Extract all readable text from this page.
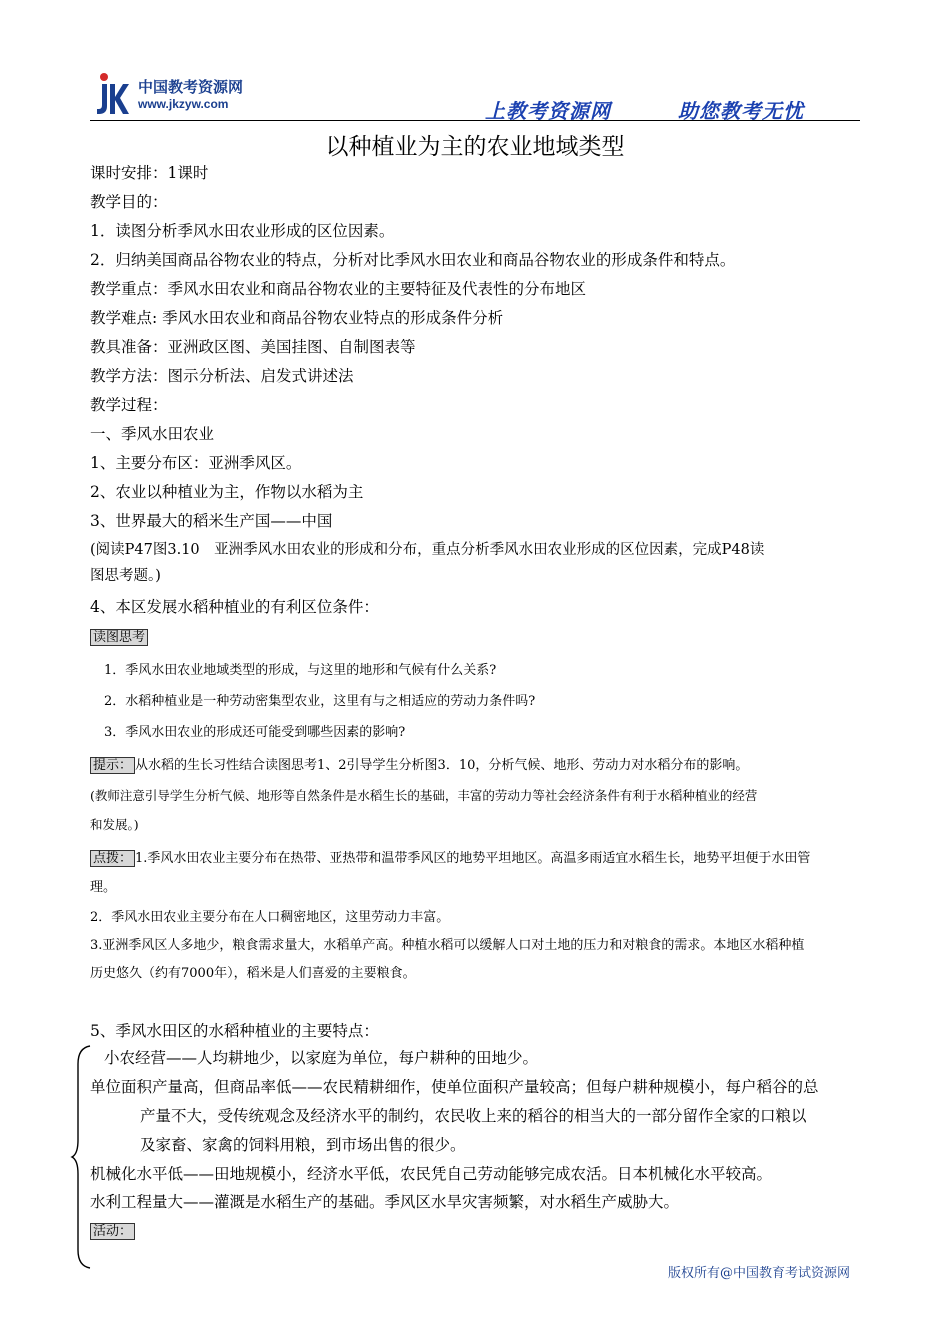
中国教考资源网
www.jkzyw.com	上教考资源网	助您教考无忧
以种植业为主的农业地域类型
课时安排：1课时
教学目的：
1．读图分析季风水田农业形成的区位因素。
2．归纳美国商品谷物农业的特点，分析对比季风水田农业和商品谷物农业的形成条件和特点。
教学重点：季风水田农业和商品谷物农业的主要特征及代表性的分布地区
教学难点: 季风水田农业和商品谷物农业特点的形成条件分析
教具准备：亚洲政区图、美国挂图、自制图表等
教学方法：图示分析法、启发式讲述法
教学过程：
一、季风水田农业
1、主要分布区：亚洲季风区。
2、农业以种植业为主，作物以水稻为主
3、世界最大的稻米生产国——中国
(阅读P47图3.10　亚洲季风水田农业的形成和分布，重点分析季风水田农业形成的区位因素，完成P48读
图思考题。)
4、本区发展水稻种植业的有利区位条件：
读图思考
1．季风水田农业地域类型的形成，与这里的地形和气候有什么关系?
2．水稻种植业是一种劳动密集型农业，这里有与之相适应的劳动力条件吗?
3．季风水田农业的形成还可能受到哪些因素的影响?
提示： 从水稻的生长习性结合读图思考1、2引导学生分析图3．10，分析气候、地形、劳动力对水稻分布的影响。
(教师注意引导学生分析气候、地形等自然条件是水稻生长的基础，丰富的劳动力等社会经济条件有利于水稻种植业的经营
和发展。)
点拨： 1.季风水田农业主要分布在热带、亚热带和温带季风区的地势平坦地区。高温多雨适宜水稻生长，地势平坦便于水田管
理。
2．季风水田农业主要分布在人口稠密地区，这里劳动力丰富。
3.亚洲季风区人多地少，粮食需求量大，水稻单产高。种植水稻可以缓解人口对土地的压力和对粮食的需求。本地区水稻种植
历史悠久（约有7000年），稻米是人们喜爱的主要粮食。
5、季风水田区的水稻种植业的主要特点：
小农经营——人均耕地少，以家庭为单位，每户耕种的田地少。
单位面积产量高，但商品率低——农民精耕细作，使单位面积产量较高；但每户耕种规模小，每户稻谷的总
产量不大，受传统观念及经济水平的制约，农民收上来的稻谷的相当大的一部分留作全家的口粮以
及家畜、家禽的饲料用粮，到市场出售的很少。
机械化水平低——田地规模小，经济水平低，农民凭自己劳动能够完成农活。日本机械化水平较高。
水利工程量大——灌溉是水稻生产的基础。季风区水旱灾害频繁，对水稻生产威胁大。
活动：
版权所有@中国教育考试资源网
